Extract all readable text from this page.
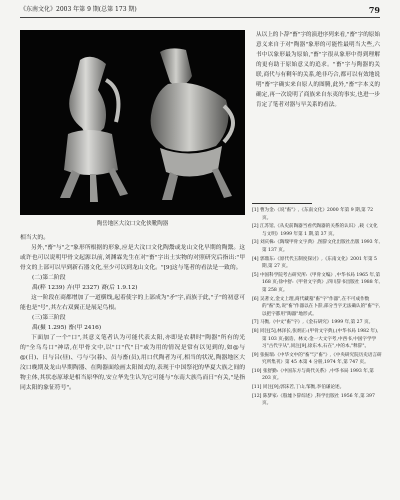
《东南文化》2003 年第 9 期(总第 173 期)	79
陶岳地区大汶口文化侠靴陶器

从以上的卜辞"畜"字的演进序列来看,"畜"字的原始意义来自于对"陶器"象形的可能性最明当大些,六书中以象形最为原始,"畜"字很从象形中得到理解的更有助于原始意义的追求。"畜"字与陶器的关联,商代与有剩年的关系,绝非巧合,都可以有效地说明"畜"字确实来自原人的图腾,此外,"畜"字本义的确定,再一次说明了商族来自东夷的事实,也进一步肯定了笔者对器与早关系的看法。

[1] 曹为金:《说"畜"》,《东南文化》2000 年第 9 期,第 72 页。

[2] 江苏馆,《从史前陶器当看代陶器的关系的认识》,载《文化与文明》1999 年第 1 期,第 37 页。

[3] 刘庆株:《陶瑞甲骨文字典》,图辞文化出版社出版 1993 年,第 137 页。

[4] 郭鼎东:《原代代玉制度探讨》,《东南文化》2001 年第 5 期,第 27 页。

[5] 中国科学院考古研究所:《甲骨文编》,中华书局 1965 年,第 168 页;徐中舒:《甲骨文字典》,四川辞书出版社 1988 年,第 258 页。

[6] 吴著文,金文上理,商代藏墓"畜"字"作器",在不可成作数的"畜"类,说"畜"作器以在卜辞,部分当字无法确认的"畜"字,以把字都用"陶器"地形式。

[7] 马衡,《中文"畜"字》,《金石研究》1999 年,第 27 页。

[8] 同注[5],林泽长,张炳正:(甲骨文字典),(中华书局 1982 年),第 103 页;据诰、林文:金一大文字考,中西书,中国字学学习"古代字从",同注[9],徐东木,石在",中的本,"释辞"。

[9] 张振瑞:《中华文中的"畜"与"畜"》,《中央研究院历史语言研究所集刊》第 45 本第 4 分册,1974 年,第 747 页。

[10] 张舒勤:《中国东方与商代关系》,中华书局 1993 年,第 203 页。

[11] 同注[9];郭沫若,丁山,邹衡,李伯谦论述。

[12] 陈梦家:《殷墟卜辞综述》,科学出版社 1956 年,第 397 页。

相当大的。

另外,"畜"与"之"象形所根据的形象,应是大汶口文化陶鬶或龙山文化早期的陶鬶。这或许也可以说明甲骨文起源以前,刘渊霖先生在对"畜"字出土实物的对照研究后指出:"甲骨文的上部可以早到新石器文化,至少可以到龙山文化。"[9]这与笔者的看法是一致的。

(二)第二阶段

禹(粹 1239) 卉(甲 2327) 裔(后 1.9.12)

这一阶段在商都增加了一道横线,起着使字的上部成为"矛"字,而族于此,"子"的初意可能也是"号",其左右双翼正是展足鸟根。

(三)第三阶段

禹(摄 1.295) 畜(甲 2416)

下面加了一个"口",其意义笔者认为可能代表太阳,亦即是农耕时"陶器"所有的光的"全乌鸟口"神话,在甲骨文中,以"口"代"日"或为用的情况是常有以见到的,如@与@(日)、日与吕(昼)、弓与弓(暮)、员与畜(员),用口代陶者为可,相当的状况,陶器地区大汶口晚期及龙山早期陶器、在陶器面绘画太阳图式的,表现于中国祭祀的华夏大族之间的物主体,其状态原球是相当原华的,安立华先生认为它可能与"东南大族鸟而日"有关,"是指同太阳的象征符号"。
